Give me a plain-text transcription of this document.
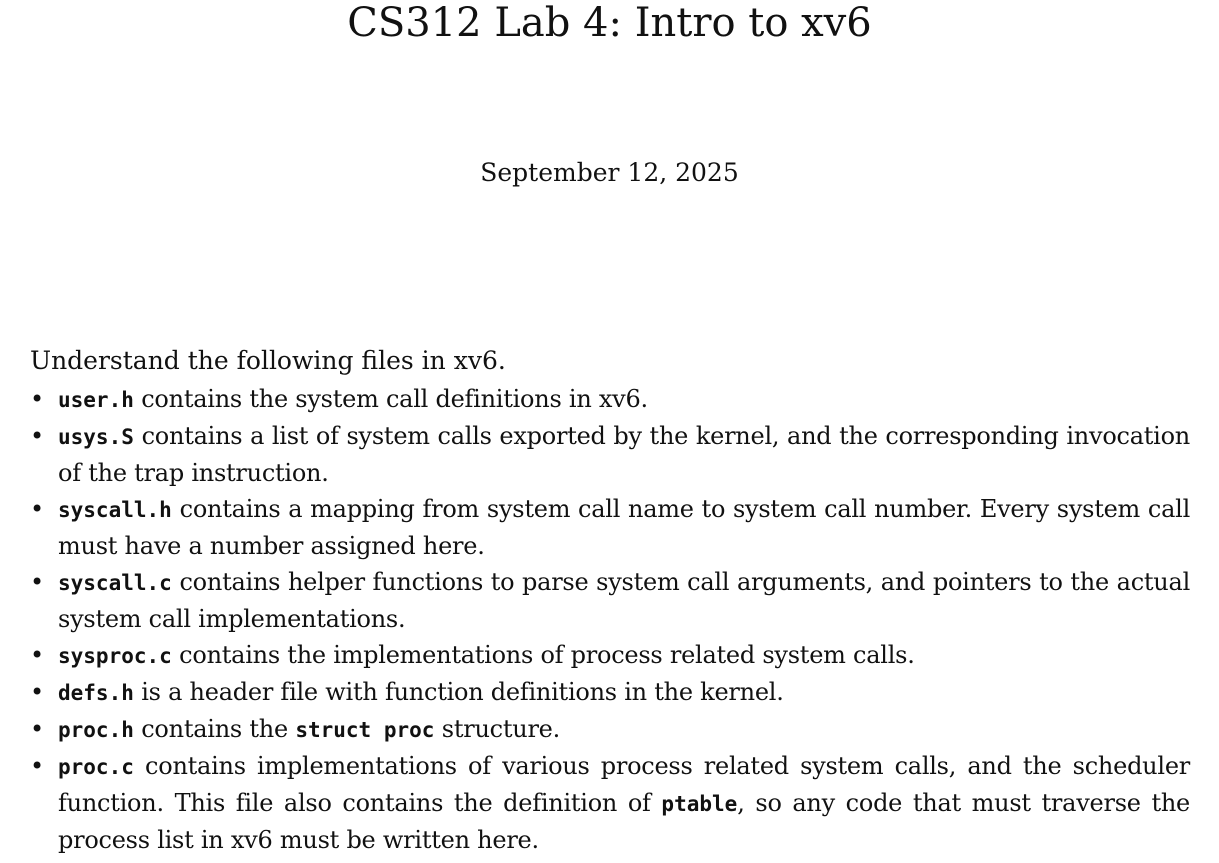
CS312 Lab 4: Intro to xv6
September 12, 2025
Understand the following files in xv6.
• user.h contains the system call definitions in xv6.
• usys.S contains a list of system calls exported by the kernel, and the corresponding invocation of the trap instruction.
• syscall.h contains a mapping from system call name to system call number. Every system call must have a number assigned here.
• syscall.c contains helper functions to parse system call arguments, and pointers to the actual system call implementations.
• sysproc.c contains the implementations of process related system calls.
• defs.h is a header file with function definitions in the kernel.
• proc.h contains the struct proc structure.
• proc.c contains implementations of various process related system calls, and the scheduler function. This file also contains the definition of ptable, so any code that must traverse the process list in xv6 must be written here.
